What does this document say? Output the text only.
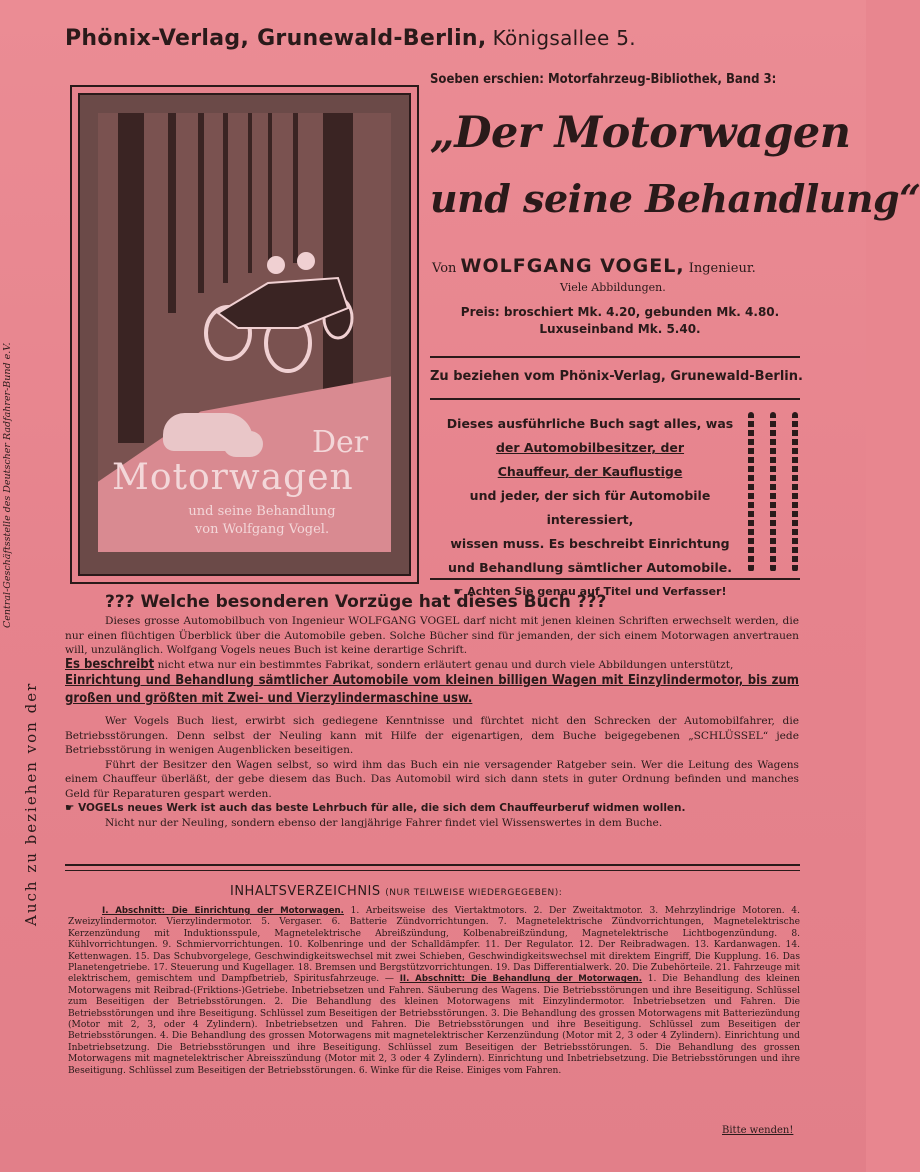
Phönix-Verlag, Grunewald-Berlin, Königsallee 5.
Der
Motorwagen
und seine Behandlung
von Wolfgang Vogel.
Soeben erschien: Motorfahrzeug-Bibliothek, Band 3:
„Der Motorwagen
und seine Behandlung“
Von WOLFGANG VOGEL, Ingenieur.
Viele Abbildungen.
Preis: broschiert Mk. 4.20, gebunden Mk. 4.80.
Luxuseinband Mk. 5.40.
Zu beziehen vom Phönix-Verlag, Grunewald-Berlin.
Dieses ausführliche Buch sagt alles, was
der Automobilbesitzer, der
Chauffeur, der Kauflustige
und jeder, der sich für Automobile interessiert,
wissen muss. Es beschreibt Einrichtung
und Behandlung sämtlicher Automobile.
☛ Achten Sie genau auf Titel und Verfasser!
Central-Geschäftsstelle des Deutscher Radfahrer-Bund e.V.
Auch zu beziehen von der
??? Welche besonderen Vorzüge hat dieses Buch ???

Dieses grosse Automobilbuch von Ingenieur WOLFGANG VOGEL darf nicht mit jenen kleinen Schriften erwechselt werden, die nur einen flüchtigen Überblick über die Automobile geben. Solche Bücher sind für jemanden, der sich einem Motorwagen anvertrauen will, unzulänglich. Wolfgang Vogels neues Buch ist keine derartige Schrift.

Es beschreibt nicht etwa nur ein bestimmtes Fabrikat, sondern erläutert genau und durch viele Abbildungen unterstützt,

Einrichtung und Behandlung sämtlicher Automobile vom kleinen billigen Wagen mit Einzylindermotor, bis zum großen und größten mit Zwei- und Vierzylindermaschine usw.

Wer Vogels Buch liest, erwirbt sich gediegene Kenntnisse und fürchtet nicht den Schrecken der Automobilfahrer, die Betriebsstörungen. Denn selbst der Neuling kann mit Hilfe der eigenartigen, dem Buche beigegebenen „SCHLÜSSEL“ jede Betriebsstörung in wenigen Augenblicken beseitigen.

Führt der Besitzer den Wagen selbst, so wird ihm das Buch ein nie versagender Ratgeber sein. Wer die Leitung des Wagens einem Chauffeur überläßt, der gebe diesem das Buch. Das Automobil wird sich dann stets in guter Ordnung befinden und manches Geld für Reparaturen gespart werden.

☛ VOGELs neues Werk ist auch das beste Lehrbuch für alle, die sich dem Chauffeurberuf widmen wollen.

Nicht nur der Neuling, sondern ebenso der langjährige Fahrer findet viel Wissenswertes in dem Buche.

INHALTSVERZEICHNIS (NUR TEILWEISE WIEDERGEGEBEN):
I. Abschnitt: Die Einrichtung der Motorwagen. 1. Arbeitsweise des Viertaktmotors. 2. Der Zweitaktmotor. 3. Mehrzylindrige Motoren. 4. Zweizylindermotor. Vierzylindermotor. 5. Vergaser. 6. Batterie Zündvorrichtungen. 7. Magnetelektrische Zündvorrichtungen, Magnetelektrische Kerzenzündung mit Induktionsspule, Magnetelektrische Abreißzündung, Kolbenabreißzündung, Magnetelektrische Lichtbogenzündung. 8. Kühlvorrichtungen. 9. Schmiervorrichtungen. 10. Kolbenringe und der Schalldämpfer. 11. Der Regulator. 12. Der Reibradwagen. 13. Kardanwagen. 14. Kettenwagen. 15. Das Schubvorgelege, Geschwindigkeitswechsel mit zwei Schieben, Geschwindigkeitswechsel mit direktem Eingriff, Die Kupplung. 16. Das Planetengetriebe. 17. Steuerung und Kugellager. 18. Bremsen und Bergstützvorrichtungen. 19. Das Differentialwerk. 20. Die Zubehörteile. 21. Fahrzeuge mit elektrischem, gemischtem und Dampfbetrieb, Spiritusfahrzeuge. — II. Abschnitt: Die Behandlung der Motorwagen. 1. Die Behandlung des kleinen Motorwagens mit Reibrad-(Friktions-)Getriebe. Inbetriebsetzen und Fahren. Säuberung des Wagens. Die Betriebsstörungen und ihre Beseitigung. Schlüssel zum Beseitigen der Betriebsstörungen. 2. Die Behandlung des kleinen Motorwagens mit Einzylindermotor. Inbetriebsetzen und Fahren. Die Betriebsstörungen und ihre Beseitigung. Schlüssel zum Beseitigen der Betriebsstörungen. 3. Die Behandlung des grossen Motorwagens mit Batteriezündung (Motor mit 2, 3, oder 4 Zylindern). Inbetriebsetzen und Fahren. Die Betriebsstörungen und ihre Beseitigung. Schlüssel zum Beseitigen der Betriebsstörungen. 4. Die Behandlung des grossen Motorwagens mit magnetelektrischer Kerzenzündung (Motor mit 2, 3 oder 4 Zylindern). Einrichtung und Inbetriebsetzung. Die Betriebsstörungen und ihre Beseitigung. Schlüssel zum Beseitigen der Betriebsstörungen. 5. Die Behandlung des grossen Motorwagens mit magnetelektrischer Abreisszündung (Motor mit 2, 3 oder 4 Zylindern). Einrichtung und Inbetriebsetzung. Die Betriebsstörungen und ihre Beseitigung. Schlüssel zum Beseitigen der Betriebsstörungen. 6. Winke für die Reise. Einiges vom Fahren.
Bitte wenden!
